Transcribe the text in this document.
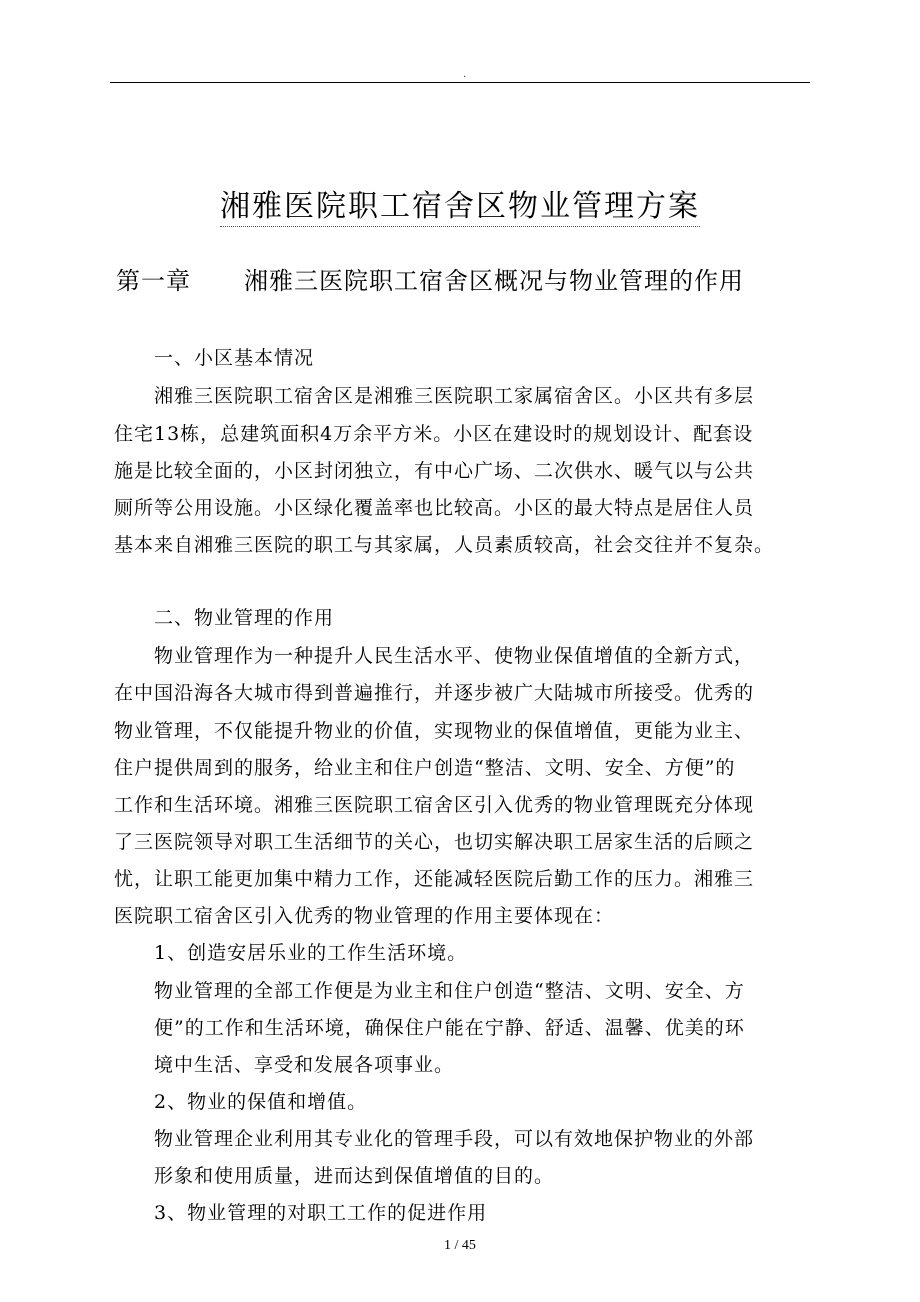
.
湘雅医院职工宿舍区物业管理方案
第一章 湘雅三医院职工宿舍区概况与物业管理的作用
一、小区基本情况
湘雅三医院职工宿舍区是湘雅三医院职工家属宿舍区。小区共有多层
住宅13栋，总建筑面积4万余平方米。小区在建设时的规划设计、配套设
施是比较全面的，小区封闭独立，有中心广场、二次供水、暖气以与公共
厕所等公用设施。小区绿化覆盖率也比较高。小区的最大特点是居住人员
基本来自湘雅三医院的职工与其家属，人员素质较高，社会交往并不复杂。
二、物业管理的作用
物业管理作为一种提升人民生活水平、使物业保值增值的全新方式，
在中国沿海各大城市得到普遍推行，并逐步被广大陆城市所接受。优秀的
物业管理，不仅能提升物业的价值，实现物业的保值增值，更能为业主、
住户提供周到的服务，给业主和住户创造“整洁、文明、安全、方便”的
工作和生活环境。湘雅三医院职工宿舍区引入优秀的物业管理既充分体现
了三医院领导对职工生活细节的关心，也切实解决职工居家生活的后顾之
忧，让职工能更加集中精力工作，还能减轻医院后勤工作的压力。湘雅三
医院职工宿舍区引入优秀的物业管理的作用主要体现在：
1、创造安居乐业的工作生活环境。
物业管理的全部工作便是为业主和住户创造“整洁、文明、安全、方
便”的工作和生活环境，确保住户能在宁静、舒适、温馨、优美的环
境中生活、享受和发展各项事业。
2、物业的保值和增值。
物业管理企业利用其专业化的管理手段，可以有效地保护物业的外部
形象和使用质量，进而达到保值增值的目的。
3、物业管理的对职工工作的促进作用
1 / 45
